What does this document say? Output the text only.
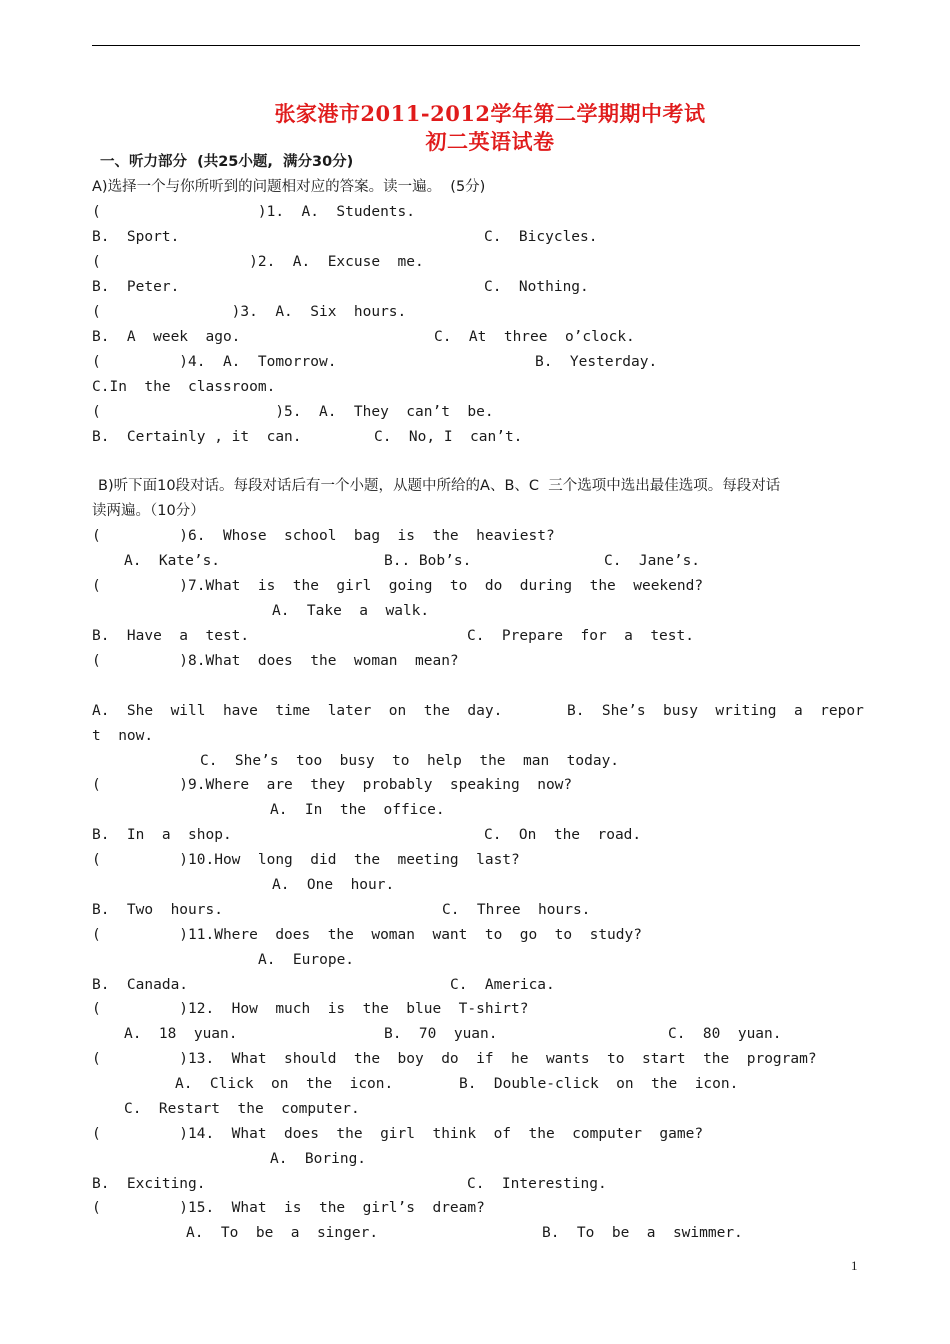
张家港市2011-2012学年第二学期期中考试
初二英语试卷
一、听力部分  (共25小题,  满分30分)
A)选择一个与你所听到的问题相对应的答案。读一遍。  (5分)
(                  )1.  A.  Students.
B.  Sport.	C.  Bicycles.
(                 )2.  A.  Excuse  me.
B.  Peter.	C.  Nothing.
(               )3.  A.  Six  hours.
B.  A  week  ago.	C.  At  three  o’clock.
(         )4.  A.  Tomorrow.	B.  Yesterday.
C.In  the  classroom.
(                    )5.  A.  They  can’t  be.
B.  Certainly , it  can.	C.  No, I  can’t.
B)听下面10段对话。每段对话后有一个小题，从题中所给的A、B、C  三个选项中选出最佳选项。每段对话
读两遍。（10分）
(         )6.  Whose  school  bag  is  the  heaviest?
A.  Kate’s.	B.. Bob’s.	C.  Jane’s.
(         )7.What  is  the  girl  going  to  do  during  the  weekend?
A.  Take  a  walk.
B.  Have  a  test.	C.  Prepare  for  a  test.
(         )8.What  does  the  woman  mean?
A.  She  will  have  time  later  on  the  day.	B.  She’s  busy  writing  a  repor
t  now.
C.  She’s  too  busy  to  help  the  man  today.
(         )9.Where  are  they  probably  speaking  now?
A.  In  the  office.
B.  In  a  shop.	C.  On  the  road.
(         )10.How  long  did  the  meeting  last?
A.  One  hour.
B.  Two  hours.	C.  Three  hours.
(         )11.Where  does  the  woman  want  to  go  to  study?
A.  Europe.
B.  Canada.	C.  America.
(         )12.  How  much  is  the  blue  T-shirt?
A.  18  yuan.	B.  70  yuan.	C.  80  yuan.
(         )13.  What  should  the  boy  do  if  he  wants  to  start  the  program?
A.  Click  on  the  icon.	B.  Double-click  on  the  icon.
C.  Restart  the  computer.
(         )14.  What  does  the  girl  think  of  the  computer  game?
A.  Boring.
B.  Exciting.	C.  Interesting.
(         )15.  What  is  the  girl’s  dream?
A.  To  be  a  singer.	B.  To  be  a  swimmer.
1
